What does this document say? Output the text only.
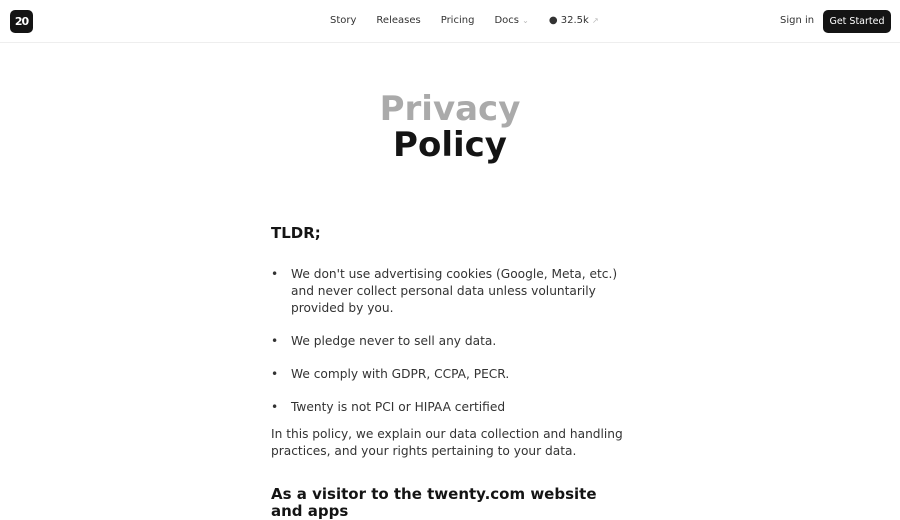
20	Story Releases Pricing Docs ⌄ ● 32.5k ↗	Sign in	Get Started
Privacy
Policy
TLDR;
• We don't use advertising cookies (Google, Meta, etc.) and never collect personal data unless voluntarily provided by you.
• We pledge never to sell any data.
• We comply with GDPR, CCPA, PECR.
• Twenty is not PCI or HIPAA certified

In this policy, we explain our data collection and handling practices, and your rights pertaining to your data.

As a visitor to the twenty.com website and apps
